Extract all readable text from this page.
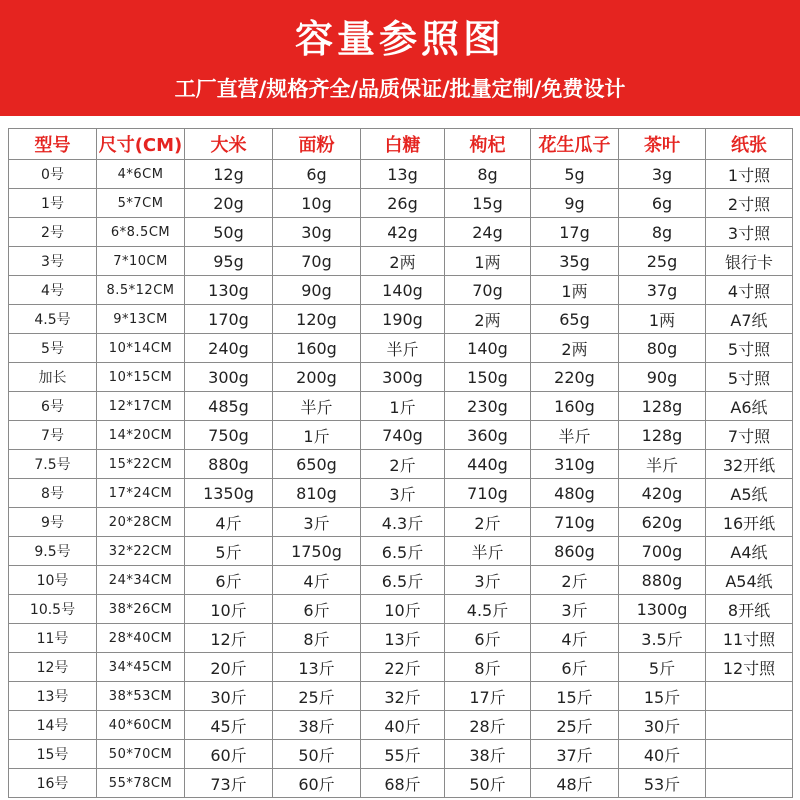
容量参照图
工厂直营/规格齐全/品质保证/批量定制/免费设计
型号	尺寸(CM)	大米	面粉	白糖	枸杞	花生瓜子	茶叶	纸张
0号	4*6CM	12g	6g	13g	8g	5g	3g	1寸照
1号	5*7CM	20g	10g	26g	15g	9g	6g	2寸照
2号	6*8.5CM	50g	30g	42g	24g	17g	8g	3寸照
3号	7*10CM	95g	70g	2两	1两	35g	25g	银行卡
4号	8.5*12CM	130g	90g	140g	70g	1两	37g	4寸照
4.5号	9*13CM	170g	120g	190g	2两	65g	1两	A7纸
5号	10*14CM	240g	160g	半斤	140g	2两	80g	5寸照
加长	10*15CM	300g	200g	300g	150g	220g	90g	5寸照
6号	12*17CM	485g	半斤	1斤	230g	160g	128g	A6纸
7号	14*20CM	750g	1斤	740g	360g	半斤	128g	7寸照
7.5号	15*22CM	880g	650g	2斤	440g	310g	半斤	32开纸
8号	17*24CM	1350g	810g	3斤	710g	480g	420g	A5纸
9号	20*28CM	4斤	3斤	4.3斤	2斤	710g	620g	16开纸
9.5号	32*22CM	5斤	1750g	6.5斤	半斤	860g	700g	A4纸
10号	24*34CM	6斤	4斤	6.5斤	3斤	2斤	880g	A54纸
10.5号	38*26CM	10斤	6斤	10斤	4.5斤	3斤	1300g	8开纸
11号	28*40CM	12斤	8斤	13斤	6斤	4斤	3.5斤	11寸照
12号	34*45CM	20斤	13斤	22斤	8斤	6斤	5斤	12寸照
13号	38*53CM	30斤	25斤	32斤	17斤	15斤	15斤	
14号	40*60CM	45斤	38斤	40斤	28斤	25斤	30斤	
15号	50*70CM	60斤	50斤	55斤	38斤	37斤	40斤	
16号	55*78CM	73斤	60斤	68斤	50斤	48斤	53斤	
